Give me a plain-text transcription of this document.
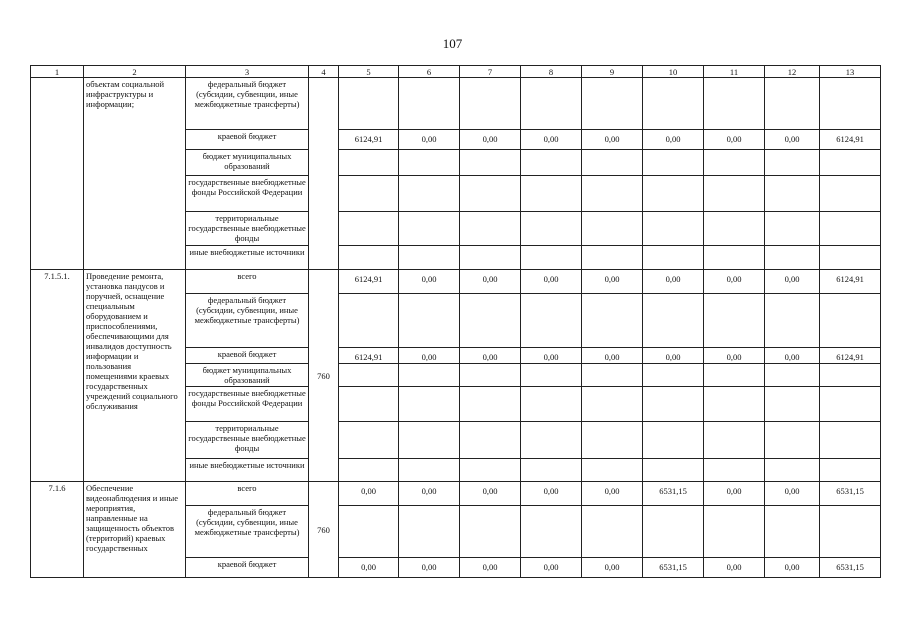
107
1	2	3	4	5	6	7	8	9	10	11	12	13
	объектам социальной инфраструктуры и информации;	федеральный бюджет (субсидии, субвенции, иные межбюджетные трансферты)										
		краевой бюджет		6124,91	0,00	0,00	0,00	0,00	0,00	0,00	0,00	6124,91
		бюджет муниципальных образований										
		государственные внебюджетные фонды Российской Федерации										
		территориальные государственные внебюджетные фонды										
		иные внебюджетные источники										
7.1.5.1.	Проведение ремонта, установка пандусов и поручней, оснащение специальным оборудованием и приспособлениями, обеспечивающими для инвалидов доступность информации и пользования помещениями краевых государственных учреждений социального обслуживания	всего	760	6124,91	0,00	0,00	0,00	0,00	0,00	0,00	0,00	6124,91
		федеральный бюджет (субсидии, субвенции, иные межбюджетные трансферты)										
		краевой бюджет		6124,91	0,00	0,00	0,00	0,00	0,00	0,00	0,00	6124,91
		бюджет муниципальных образований										
		государственные внебюджетные фонды Российской Федерации										
		территориальные государственные внебюджетные фонды										
		иные внебюджетные источники										
7.1.6	Обеспечение видеонаблюдения и иные мероприятия, направленные на защищенность объектов (территорий) краевых государственных	всего	760	0,00	0,00	0,00	0,00	0,00	6531,15	0,00	0,00	6531,15
		федеральный бюджет (субсидии, субвенции, иные межбюджетные трансферты)										
		краевой бюджет		0,00	0,00	0,00	0,00	0,00	6531,15	0,00	0,00	6531,15
